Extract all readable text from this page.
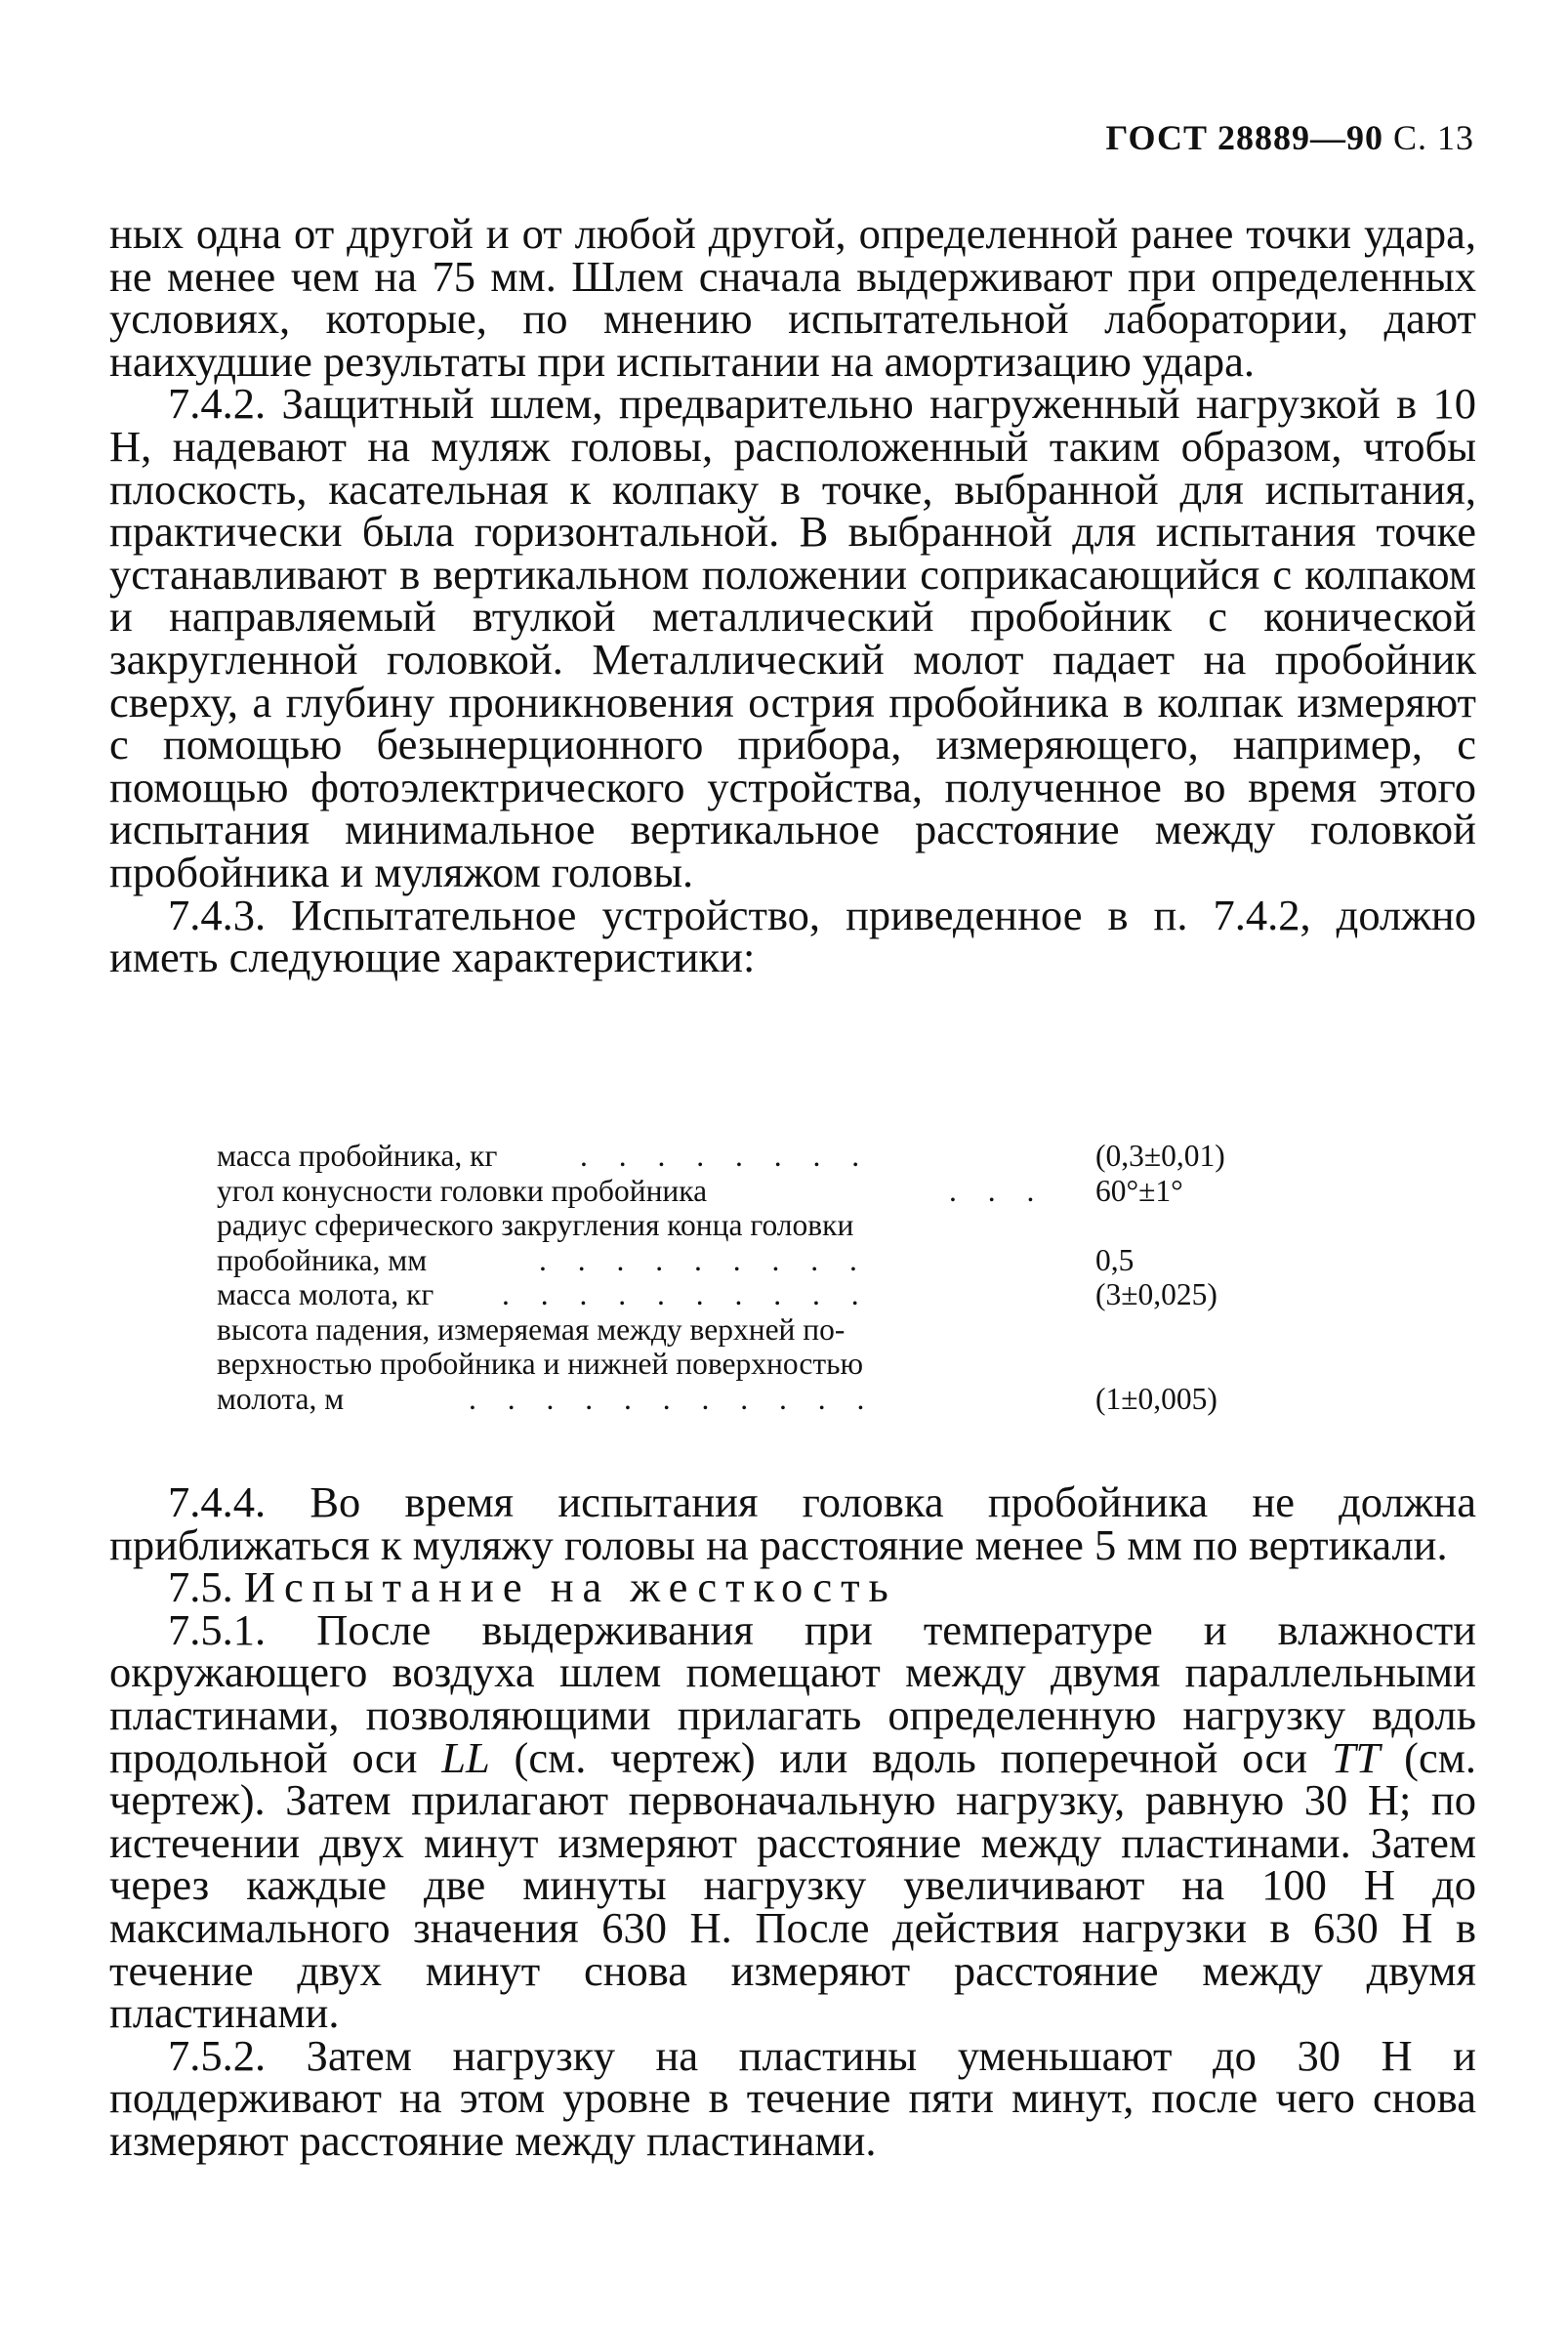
ГОСТ 28889—90 С. 13

ных одна от другой и от любой другой, определенной ранее точки удара, не менее чем на 75 мм. Шлем сначала выдерживают при определенных условиях, которые, по мнению испытательной лаборатории, дают наихудшие результаты при испытании на амортизацию удара.

7.4.2. Защитный шлем, предварительно нагруженный нагрузкой в 10 Н, надевают на муляж головы, расположенный таким образом, чтобы плоскость, касательная к колпаку в точке, выбранной для испытания, практически была горизонтальной. В выбранной для испытания точке устанавливают в вертикальном положении соприкасающийся с колпаком и направляемый втулкой металлический пробойник с конической закругленной головкой. Металлический молот падает на пробойник сверху, а глубину проникновения острия пробойника в колпак измеряют с помощью безынерционного прибора, измеряющего, например, с помощью фотоэлектрического устройства, полученное во время этого испытания минимальное вертикальное расстояние между головкой пробойника и муляжом головы.

7.4.3. Испытательное устройство, приведенное в п. 7.4.2, должно иметь следующие характеристики:

масса пробойника, кг	. . . . . . . .	(0,3±0,01)
угол конусности головки пробойника	. . . 60°±1°
радиус сферического закругления конца головки
пробойника, мм	. . . . . . . . .	0,5
масса молота, кг . . . . . . . . . .	(3±0,025)
высота падения, измеряемая между верхней по-
верхностью пробойника и нижней поверхностью
молота, м	. . . . . . . . . . .	(1±0,005)

7.4.4. Во время испытания головка пробойника не должна приближаться к муляжу головы на расстояние менее 5 мм по вертикали.

7.5. Испытание на жесткость

7.5.1. После выдерживания при температуре и влажности окружающего воздуха шлем помещают между двумя параллельными пластинами, позволяющими прилагать определенную нагрузку вдоль продольной оси LL (см. чертеж) или вдоль поперечной оси TT (см. чертеж). Затем прилагают первоначальную нагрузку, равную 30 Н; по истечении двух минут измеряют расстояние между пластинами. Затем через каждые две минуты нагрузку увеличивают на 100 Н до максимального значения 630 Н. После действия нагрузки в 630 Н в течение двух минут снова измеряют расстояние между двумя пластинами.

7.5.2. Затем нагрузку на пластины уменьшают до 30 Н и поддерживают на этом уровне в течение пяти минут, после чего снова измеряют расстояние между пластинами.
